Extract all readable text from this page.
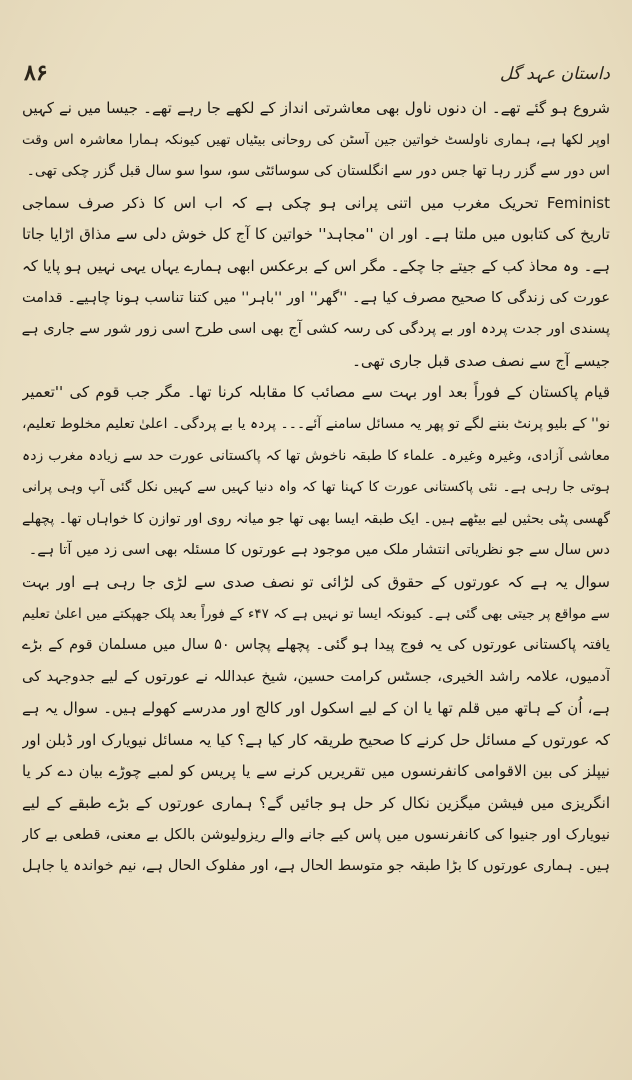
۸۶	داستان عہد گل

شروع ہو گئے تھے۔ ان دنوں ناول بھی معاشرتی انداز کے لکھے جا رہے تھے۔ جیسا میں نے کہیں
اوپر لکھا ہے، ہماری ناولسٹ خواتین جین آسٹن کی روحانی بیٹیاں تھیں کیونکہ ہمارا معاشرہ اس وقت
اس دور سے گزر رہا تھا جس دور سے انگلستان کی سوسائٹی سو، سوا سو سال قبل گزر چکی تھی۔

Feminist تحریک مغرب میں اتنی پرانی ہو چکی ہے کہ اب اس کا ذکر صرف سماجی
تاریخ کی کتابوں میں ملتا ہے۔ اور ان ''مجاہد'' خواتین کا آج کل خوش دلی سے مذاق اڑایا جاتا
ہے۔ وہ محاذ کب کے جیتے جا چکے۔ مگر اس کے برعکس ابھی ہمارے یہاں یہی نہیں ہو پایا کہ
عورت کی زندگی کا صحیح مصرف کیا ہے۔ ''گھر'' اور ''باہر'' میں کتنا تناسب ہونا چاہیے۔ قدامت
پسندی اور جدت پردہ اور بے پردگی کی رسہ کشی آج بھی اسی طرح اسی زور شور سے جاری ہے
جیسے آج سے نصف صدی قبل جاری تھی۔

قیام پاکستان کے فوراً بعد اور بہت سے مصائب کا مقابلہ کرنا تھا۔ مگر جب قوم کی ''تعمیر
نو'' کے بلیو پرنٹ بننے لگے تو پھر یہ مسائل سامنے آئے۔۔۔ پردہ یا بے پردگی۔ اعلیٰ تعلیم مخلوط تعلیم،
معاشی آزادی، وغیرہ وغیرہ۔ علماء کا طبقہ ناخوش تھا کہ پاکستانی عورت حد سے زیادہ مغرب زدہ
ہوتی جا رہی ہے۔ نئی پاکستانی عورت کا کہنا تھا کہ واہ دنیا کہیں سے کہیں نکل گئی آپ وہی پرانی
گھسی پٹی بحثیں لیے بیٹھے ہیں۔ ایک طبقہ ایسا بھی تھا جو میانہ روی اور توازن کا خواہاں تھا۔ پچھلے
دس سال سے جو نظریاتی انتشار ملک میں موجود ہے عورتوں کا مسئلہ بھی اسی زد میں آتا ہے۔

سوال یہ ہے کہ عورتوں کے حقوق کی لڑائی تو نصف صدی سے لڑی جا رہی ہے اور بہت
سے مواقع پر جیتی بھی گئی ہے۔ کیونکہ ایسا تو نہیں ہے کہ ۴۷ء کے فوراً بعد پلک جھپکتے میں اعلیٰ تعلیم
یافتہ پاکستانی عورتوں کی یہ فوج پیدا ہو گئی۔ پچھلے پچاس ۵۰ سال میں مسلمان قوم کے بڑے
آدمیوں، علامہ راشد الخیری، جسٹس کرامت حسین، شیخ عبداللہ نے عورتوں کے لیے جدوجہد کی
ہے، اُن کے ہاتھ میں قلم تھا یا ان کے لیے اسکول اور کالج اور مدرسے کھولے ہیں۔ سوال یہ ہے
کہ عورتوں کے مسائل حل کرنے کا صحیح طریقہ کار کیا ہے؟ کیا یہ مسائل نیویارک اور ڈبلن اور
نیپلز کی بین الاقوامی کانفرنسوں میں تقریریں کرنے سے یا پریس کو لمبے چوڑے بیان دے کر یا
انگریزی میں فیشن میگزین نکال کر حل ہو جائیں گے؟ ہماری عورتوں کے بڑے طبقے کے لیے
نیویارک اور جنیوا کی کانفرنسوں میں پاس کیے جانے والے ریزولیوشن بالکل بے معنی، قطعی بے کار
ہیں۔ ہماری عورتوں کا بڑا طبقہ جو متوسط الحال ہے، اور مفلوک الحال ہے، نیم خواندہ یا جاہل
